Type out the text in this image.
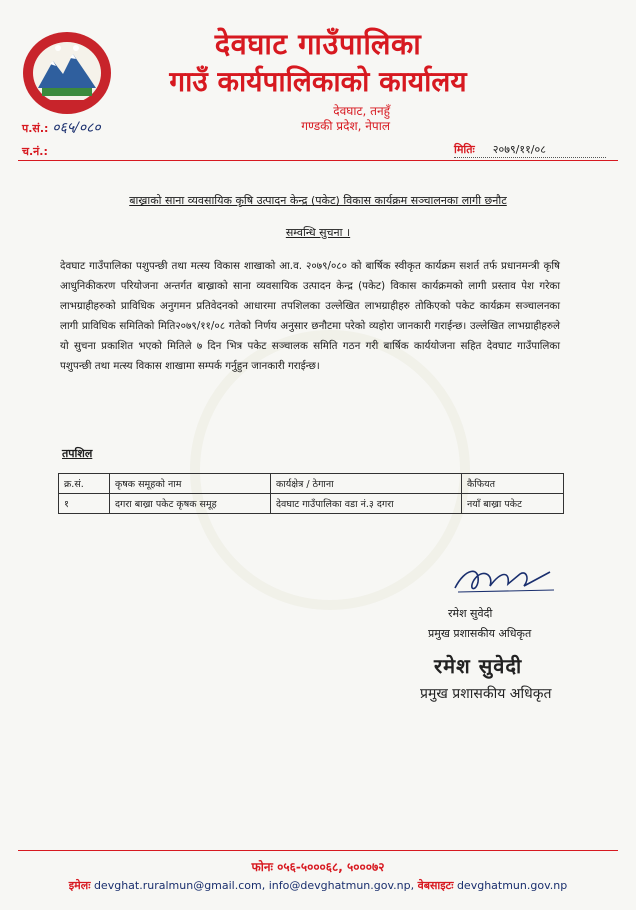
देवघाट गाउँपालिका
गाउँ कार्यपालिकाको कार्यालय
देवघाट, तनहुँ
गण्डकी प्रदेश, नेपाल
प.सं.: ०६५/०८०
च.नं.:	मितिः २०७९/११/०८
बाख्राको साना व्यवसायिक कृषि उत्पादन केन्द्र (पकेट) विकास कार्यक्रम सञ्चालनका लागी छनौट
सम्वन्धि सुचना ।
देवघाट गाउँपालिका पशुपन्छी तथा मत्स्य विकास शाखाको आ.व. २०७९/०८० को बार्षिक स्वीकृत कार्यक्रम सशर्त तर्फ प्रधानमन्त्री कृषि आधुनिकीकरण परियोजना अन्तर्गत बाख्राको साना व्यवसायिक उत्पादन केन्द्र (पकेट) विकास कार्यक्रमको लागी प्रस्ताव पेश गरेका लाभग्राहीहरुको प्राविधिक अनुगमन प्रतिवेदनको आधारमा तपशिलका उल्लेखित लाभग्राहीहरु तोकिएको पकेट कार्यक्रम सञ्चालनका लागी प्राविधिक समितिको मिति२०७९/११/०८ गतेको निर्णय अनुसार छनौटमा परेको व्यहोरा जानकारी गराईन्छ। उल्लेखित लाभग्राहीहरुले यो सुचना प्रकाशित भएको मितिले ७ दिन भित्र पकेट सञ्चालक समिति गठन गरी बार्षिक कार्ययोजना सहित देवघाट गाउँपालिका पशुपन्छी तथा मत्स्य विकास शाखामा सम्पर्क गर्नुहुन जानकारी गराईन्छ।
तपशिल
क्र.सं.	कृषक समूहको नाम	कार्यक्षेत्र / ठेगाना	कैफियत
१	दगरा बाख्रा पकेट कृषक समूह	देवघाट गाउँपालिका वडा नं.३ दगरा	नयाँ बाख्रा पकेट
रमेश सुवेदी
प्रमुख प्रशासकीय अधिकृत
रमेश सुवेदी
प्रमुख प्रशासकीय अधिकृत
फोनः ०५६-५०००६८, ५०००७२
इमेलः devghat.ruralmun@gmail.com, info@devghatmun.gov.np, वेबसाइटः devghatmun.gov.np
